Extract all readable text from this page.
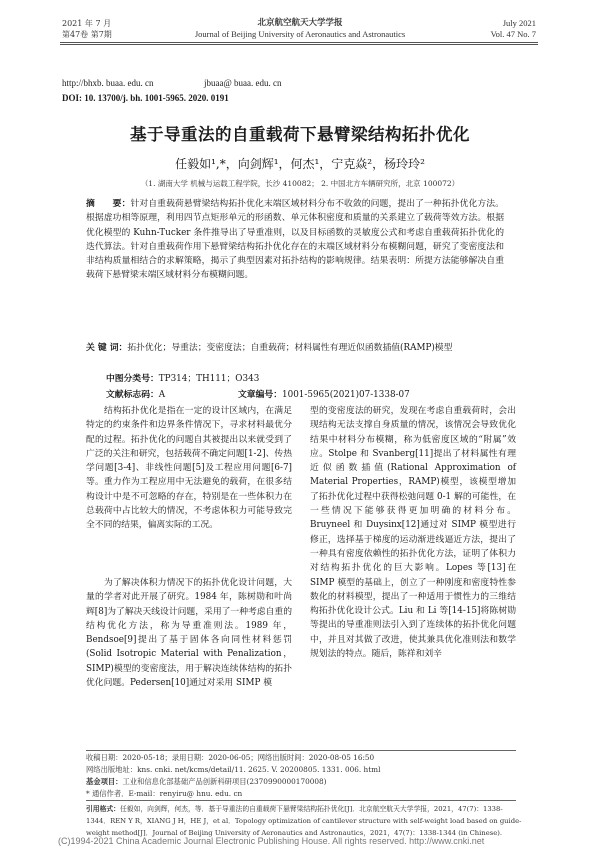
2021 年 7 月
第47卷 第7期
北京航空航天大学学报
Journal of Beijing University of Aeronautics and Astronautics
July 2021
Vol. 47 No. 7
http://bhxb. buaa. edu. cn	jbuaa@ buaa. edu. cn
DOI: 10. 13700/j. bh. 1001-5965. 2020. 0191
基于导重法的自重载荷下悬臂梁结构拓扑优化
任毅如¹,*，向剑辉¹，何杰¹，宁克焱²，杨玲玲²
（1. 湖南大学 机械与运载工程学院，长沙 410082； 2. 中国北方车辆研究所，北京 100072）

摘　　要：针对自重载荷悬臂梁结构拓扑优化末端区域材料分布不收敛的问题，提出了一种拓扑优化方法。根据虚功相等原理，利用四节点矩形单元的形函数、单元体积密度和质量的关系建立了载荷等效方法。根据优化模型的 Kuhn-Tucker 条件推导出了导重准则，以及目标函数的灵敏度公式和考虑自重载荷拓扑优化的迭代算法。针对自重载荷作用下悬臂梁结构拓扑优化存在的末端区域材料分布模糊问题，研究了变密度法和非结构质量相结合的求解策略，揭示了典型因素对拓扑结构的影响规律。结果表明：所提方法能够解决自重载荷下悬臂梁末端区域材料分布模糊问题。

关 键 词：拓扑优化；导重法；变密度法；自重载荷；材料属性有理近似函数插值(RAMP)模型

中图分类号：TP314；TH111；O343
文献标志码：A	文章编号：1001-5965(2021)07-1338-07

结构拓扑优化是指在一定的设计区域内，在满足特定的约束条件和边界条件情况下，寻求材料最优分配的过程。拓扑优化的问题自其被提出以来就受到了广泛的关注和研究，包括载荷不确定问题[1-2]、传热学问题[3-4]、非线性问题[5]及工程应用问题[6-7]等。重力作为工程应用中无法避免的载荷，在很多结构设计中是不可忽略的存在，特别是在一些体积力在总载荷中占比较大的情况，不考虑体积力可能导致完全不同的结果，偏离实际的工况。

为了解决体积力情况下的拓扑优化设计问题，大量的学者对此开展了研究。1984 年，陈树勋和叶尚辉[8]为了解决天线设计问题，采用了一种考虑自重的结构优化方法，称为导重准则法。1989 年，Bendsoe[9]提出了基于固体各向同性材料惩罚(Solid Isotropic Material with Penalization，SIMP)模型的变密度法，用于解决连续体结构的拓扑优化问题。Pedersen[10]通过对采用 SIMP 模

型的变密度法的研究，发现在考虑自重载荷时，会出现结构无法支撑自身质量的情况，该情况会导致优化结果中材料分布模糊，称为低密度区域的“附属”效应。Stolpe 和 Svanberg[11]提出了材料属性有理近似函数插值(Rational Approximation of Material Properties，RAMP)模型，该模型增加了拓扑优化过程中获得松弛问题 0-1 解的可能性，在一些情况下能够获得更加明确的材料分布。Bruyneel 和 Duysinx[12]通过对 SIMP 模型进行修正，选择基于梯度的运动渐进线逼近方法，提出了一种具有密度依赖性的拓扑优化方法，证明了体积力对结构拓扑优化的巨大影响。Lopes 等[13]在 SIMP 模型的基础上，创立了一种刚度和密度特性参数化的材料模型，提出了一种适用于惯性力的三维结构拓扑优化设计公式。Liu 和 Li 等[14-15]将陈树勋等提出的导重准则法引入到了连续体的拓扑优化问题中，并且对其做了改进，使其兼具优化准则法和数学规划法的特点。随后，陈祥和刘辛

收稿日期：2020-05-18；录用日期：2020-06-05；网络出版时间：2020-08-05 16:50
网络出版地址：kns. cnki. net/kcms/detail/11. 2625. V. 20200805. 1331. 006. html
基金项目：工业和信息化部基础产品创新科研项目(2370990000170008)
* 通信作者．E-mail：renyiru@ hnu. edu. cn
引用格式：任毅如，向剑辉，何杰，等．基于导重法的自重载荷下悬臂梁结构拓扑优化[J]．北京航空航天大学学报，2021，47(7)：1338-1344．REN Y R，XIANG J H，HE J，et al．Topology optimization of cantilever structure with self-weight load based on guide-weight method[J]．Journal of Beijing University of Aeronautics and Astronautics，2021，47(7)：1338-1344 (in Chinese).
(C)1994-2021 China Academic Journal Electronic Publishing House. All rights reserved. http://www.cnki.net
